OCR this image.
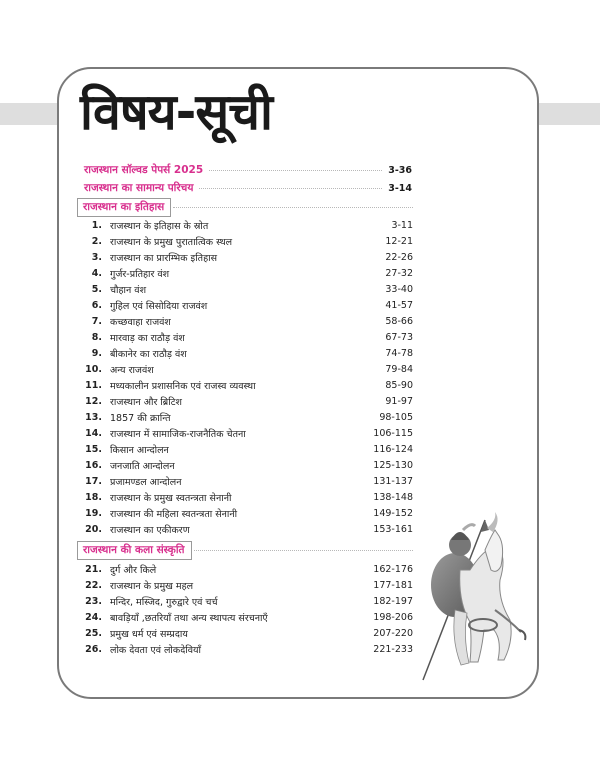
विषय-सूची
राजस्थान सॉल्वड पेपर्स 2025	3-36
राजस्थान का सामान्य परिचय	3-14
राजस्थान का इतिहास
1. राजस्थान के इतिहास के स्रोत	3-11
2. राजस्थान के प्रमुख पुरातात्विक स्थल	12-21
3. राजस्थान का प्रारम्भिक इतिहास	22-26
4. गुर्जर-प्रतिहार वंश	27-32
5. चौहान वंश	33-40
6. गुहिल एवं सिसोदिया राजवंश	41-57
7. कच्छवाहा राजवंश	58-66
8. मारवाड़ का राठौड़ वंश	67-73
9. बीकानेर का राठौड़ वंश	74-78
10. अन्य राजवंश	79-84
11. मध्यकालीन प्रशासनिक एवं राजस्व व्यवस्था	85-90
12. राजस्थान और ब्रिटिश	91-97
13. 1857 की क्रान्ति	98-105
14. राजस्थान में सामाजिक-राजनैतिक चेतना	106-115
15. किसान आन्दोलन	116-124
16. जनजाति आन्दोलन	125-130
17. प्रजामण्डल आन्दोलन	131-137
18. राजस्थान के प्रमुख स्वतन्त्रता सेनानी	138-148
19. राजस्थान की महिला स्वतन्त्रता सेनानी	149-152
20. राजस्थान का एकीकरण	153-161
राजस्थान की कला संस्कृति
21. दुर्ग और किले	162-176
22. राजस्थान के प्रमुख महल	177-181
23. मन्दिर, मस्जिद, गुरुद्वारे एवं चर्च	182-197
24. बावड़ियाँ ,छतरियाँ तथा अन्य स्थापत्य संरचनाएँ	198-206
25. प्रमुख धर्म एवं सम्प्रदाय	207-220
26. लोक देवता एवं लोकदेवियाँ	221-233
